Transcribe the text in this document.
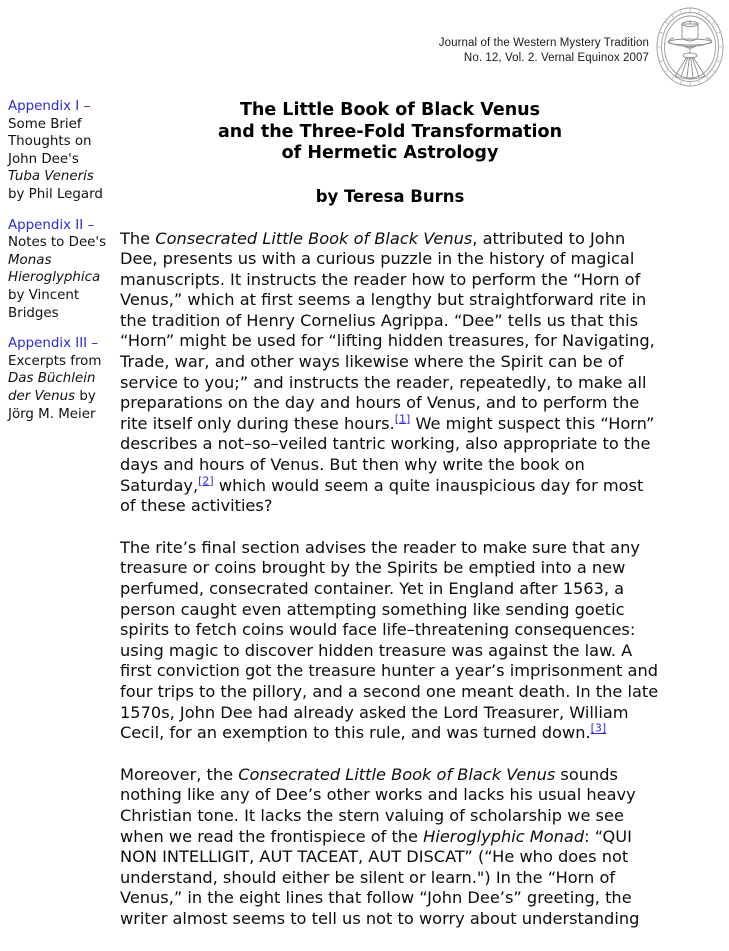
Journal of the Western Mystery Tradition
No. 12, Vol. 2. Vernal Equinox 2007
Appendix I – Some Brief Thoughts on John Dee's Tuba Veneris by Phil Legard
Appendix II – Notes to Dee's Monas Hieroglyphica by Vincent Bridges
Appendix III – Excerpts from Das Büchlein der Venus by Jörg M. Meier
The Little Book of Black Venus
and the Three-Fold Transformation
of Hermetic Astrology
by Teresa Burns

The Consecrated Little Book of Black Venus, attributed to John Dee, presents us with a curious puzzle in the history of magical manuscripts. It instructs the reader how to perform the “Horn of Venus,” which at first seems a lengthy but straightforward rite in the tradition of Henry Cornelius Agrippa. “Dee” tells us that this “Horn” might be used for “lifting hidden treasures, for Navigating, Trade, war, and other ways likewise where the Spirit can be of service to you;” and instructs the reader, repeatedly, to make all preparations on the day and hours of Venus, and to perform the rite itself only during these hours.[1] We might suspect this “Horn” describes a not–so–veiled tantric working, also appropriate to the days and hours of Venus. But then why write the book on Saturday,[2] which would seem a quite inauspicious day for most of these activities?

The rite’s final section advises the reader to make sure that any treasure or coins brought by the Spirits be emptied into a new perfumed, consecrated container. Yet in England after 1563, a person caught even attempting something like sending goetic spirits to fetch coins would face life–threatening consequences: using magic to discover hidden treasure was against the law. A first conviction got the treasure hunter a year’s imprisonment and four trips to the pillory, and a second one meant death. In the late 1570s, John Dee had already asked the Lord Treasurer, William Cecil, for an exemption to this rule, and was turned down.[3]

Moreover, the Consecrated Little Book of Black Venus sounds nothing like any of Dee’s other works and lacks his usual heavy Christian tone. It lacks the stern valuing of scholarship we see when we read the frontispiece of the Hieroglyphic Monad: “QUI NON INTELLIGIT, AUT TACEAT, AUT DISCAT” (“He who does not understand, should either be silent or learn.") In the “Horn of Venus,” in the eight lines that follow “John Dee’s” greeting, the writer almost seems to tell us not to worry about understanding
